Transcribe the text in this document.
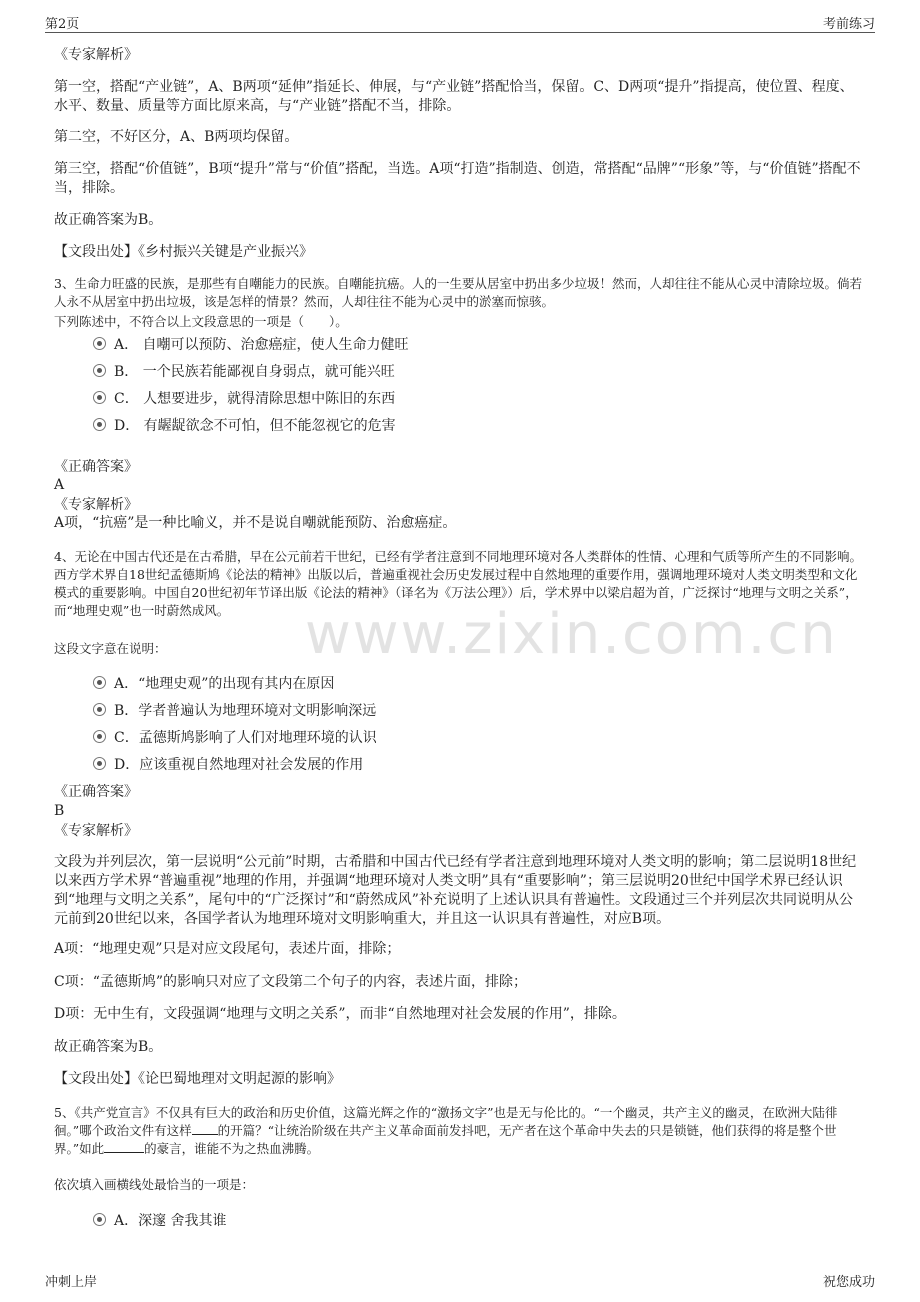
第2页	考前练习
www.zixin.com.cn
《专家解析》
第一空，搭配“产业链”，A、B两项“延伸”指延长、伸展，与“产业链”搭配恰当，保留。C、D两项“提升”指提高，使位置、程度、水平、数量、质量等方面比原来高，与“产业链”搭配不当，排除。
第二空，不好区分，A、B两项均保留。
第三空，搭配“价值链”，B项“提升”常与“价值”搭配，当选。A项“打造”指制造、创造，常搭配“品牌”“形象”等，与“价值链”搭配不当，排除。
故正确答案为B。
【文段出处】《乡村振兴关键是产业振兴》
3、生命力旺盛的民族，是那些有自嘲能力的民族。自嘲能抗癌。人的一生要从居室中扔出多少垃圾！然而，人却往往不能从心灵中清除垃圾。倘若人永不从居室中扔出垃圾，该是怎样的情景？然而，人却往往不能为心灵中的淤塞而惊骇。
下列陈述中，不符合以上文段意思的一项是（　　）。
A． 自嘲可以预防、治愈癌症，使人生命力健旺
B． 一个民族若能鄙视自身弱点，就可能兴旺
C． 人想要进步，就得清除思想中陈旧的东西
D． 有龌龊欲念不可怕，但不能忽视它的危害
《正确答案》
A
《专家解析》
A项，“抗癌”是一种比喻义，并不是说自嘲就能预防、治愈癌症。
4、无论在中国古代还是在古希腊，早在公元前若干世纪，已经有学者注意到不同地理环境对各人类群体的性情、心理和气质等所产生的不同影响。西方学术界自18世纪孟德斯鸠《论法的精神》出版以后，普遍重视社会历史发展过程中自然地理的重要作用，强调地理环境对人类文明类型和文化模式的重要影响。中国自20世纪初年节译出版《论法的精神》（译名为《万法公理》）后，学术界中以梁启超为首，广泛探讨“地理与文明之关系”，而“地理史观”也一时蔚然成风。
这段文字意在说明：
A．“地理史观”的出现有其内在原因
B．学者普遍认为地理环境对文明影响深远
C．孟德斯鸠影响了人们对地理环境的认识
D．应该重视自然地理对社会发展的作用
《正确答案》
B
《专家解析》
文段为并列层次，第一层说明“公元前”时期，古希腊和中国古代已经有学者注意到地理环境对人类文明的影响；第二层说明18世纪以来西方学术界“普遍重视”地理的作用，并强调“地理环境对人类文明”具有“重要影响”；第三层说明20世纪中国学术界已经认识到“地理与文明之关系”，尾句中的“广泛探讨”和“蔚然成风”补充说明了上述认识具有普遍性。文段通过三个并列层次共同说明从公元前到20世纪以来，各国学者认为地理环境对文明影响重大，并且这一认识具有普遍性，对应B项。
A项：“地理史观”只是对应文段尾句，表述片面，排除；
C项：“孟德斯鸠”的影响只对应了文段第二个句子的内容，表述片面，排除；
D项：无中生有，文段强调“地理与文明之关系”，而非“自然地理对社会发展的作用”，排除。
故正确答案为B。
【文段出处】《论巴蜀地理对文明起源的影响》
5、《共产党宣言》不仅具有巨大的政治和历史价值，这篇光辉之作的“激扬文字”也是无与伦比的。“一个幽灵，共产主义的幽灵，在欧洲大陆徘徊。”哪个政治文件有这样 的开篇？“让统治阶级在共产主义革命面前发抖吧，无产者在这个革命中失去的只是锁链，他们获得的将是整个世界。”如此	的豪言，谁能不为之热血沸腾。
依次填入画横线处最恰当的一项是：
A．深邃 舍我其谁
冲刺上岸	祝您成功
